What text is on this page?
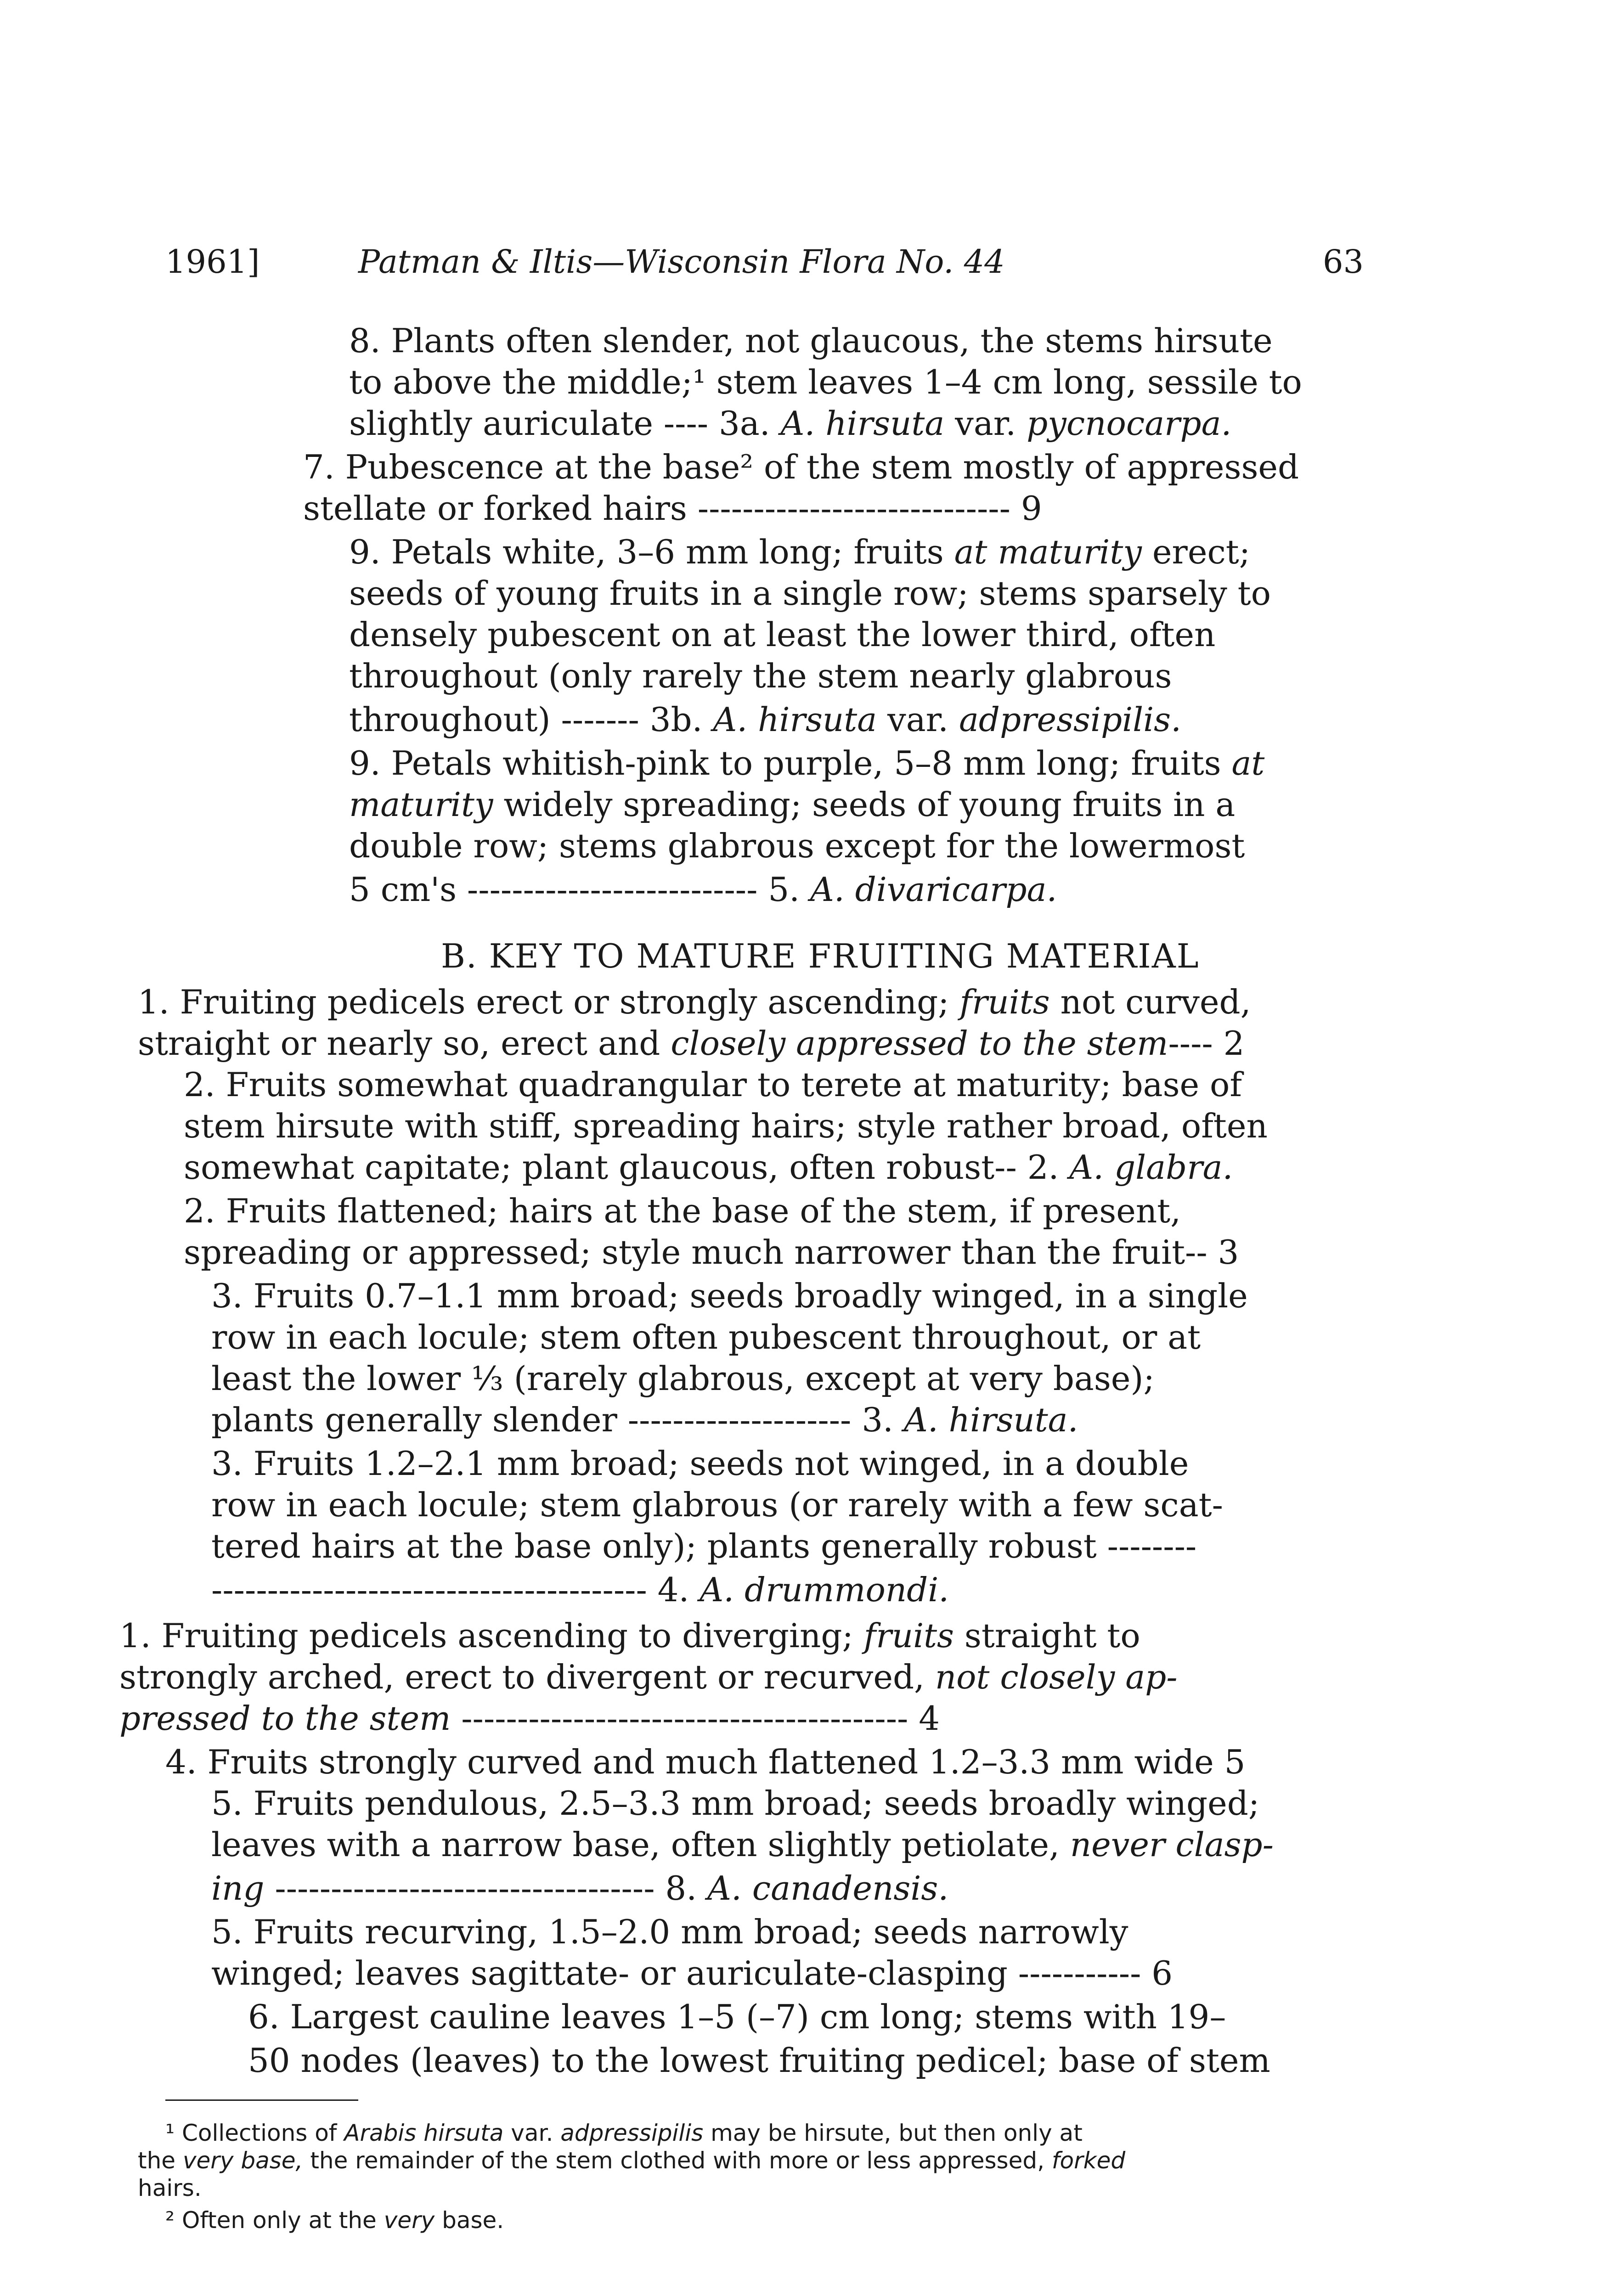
1961]	Patman & Iltis—Wisconsin Flora No. 44	63
8. Plants often slender, not glaucous, the stems hirsute
to above the middle;¹ stem leaves 1–4 cm long, sessile to
slightly auriculate ---- 3a. A. hirsuta var. pycnocarpa.
7. Pubescence at the base² of the stem mostly of appressed
stellate or forked hairs ---------------------------- 9
9. Petals white, 3–6 mm long; fruits at maturity erect;
seeds of young fruits in a single row; stems sparsely to
densely pubescent on at least the lower third, often
throughout (only rarely the stem nearly glabrous
throughout) ------- 3b. A. hirsuta var. adpressipilis.
9. Petals whitish-pink to purple, 5–8 mm long; fruits at
maturity widely spreading; seeds of young fruits in a
double row; stems glabrous except for the lowermost
5 cm's -------------------------- 5. A. divaricarpa.
B. KEY TO MATURE FRUITING MATERIAL
1. Fruiting pedicels erect or strongly ascending; fruits not curved,
straight or nearly so, erect and closely appressed to the stem---- 2
2. Fruits somewhat quadrangular to terete at maturity; base of
stem hirsute with stiff, spreading hairs; style rather broad, often
somewhat capitate; plant glaucous, often robust-- 2. A. glabra.
2. Fruits flattened; hairs at the base of the stem, if present,
spreading or appressed; style much narrower than the fruit-- 3
3. Fruits 0.7–1.1 mm broad; seeds broadly winged, in a single
row in each locule; stem often pubescent throughout, or at
least the lower ⅓ (rarely glabrous, except at very base);
plants generally slender -------------------- 3. A. hirsuta.
3. Fruits 1.2–2.1 mm broad; seeds not winged, in a double
row in each locule; stem glabrous (or rarely with a few scat-
tered hairs at the base only); plants generally robust --------
--------------------------------------- 4. A. drummondi.
1. Fruiting pedicels ascending to diverging; fruits straight to
strongly arched, erect to divergent or recurved, not closely ap-
pressed to the stem ---------------------------------------- 4
4. Fruits strongly curved and much flattened 1.2–3.3 mm wide 5
5. Fruits pendulous, 2.5–3.3 mm broad; seeds broadly winged;
leaves with a narrow base, often slightly petiolate, never clasp-
ing ---------------------------------- 8. A. canadensis.
5. Fruits recurving, 1.5–2.0 mm broad; seeds narrowly
winged; leaves sagittate- or auriculate-clasping ----------- 6
6. Largest cauline leaves 1–5 (–7) cm long; stems with 19–
50 nodes (leaves) to the lowest fruiting pedicel; base of stem
¹ Collections of Arabis hirsuta var. adpressipilis may be hirsute, but then only at
the very base, the remainder of the stem clothed with more or less appressed, forked
hairs.
² Often only at the very base.
